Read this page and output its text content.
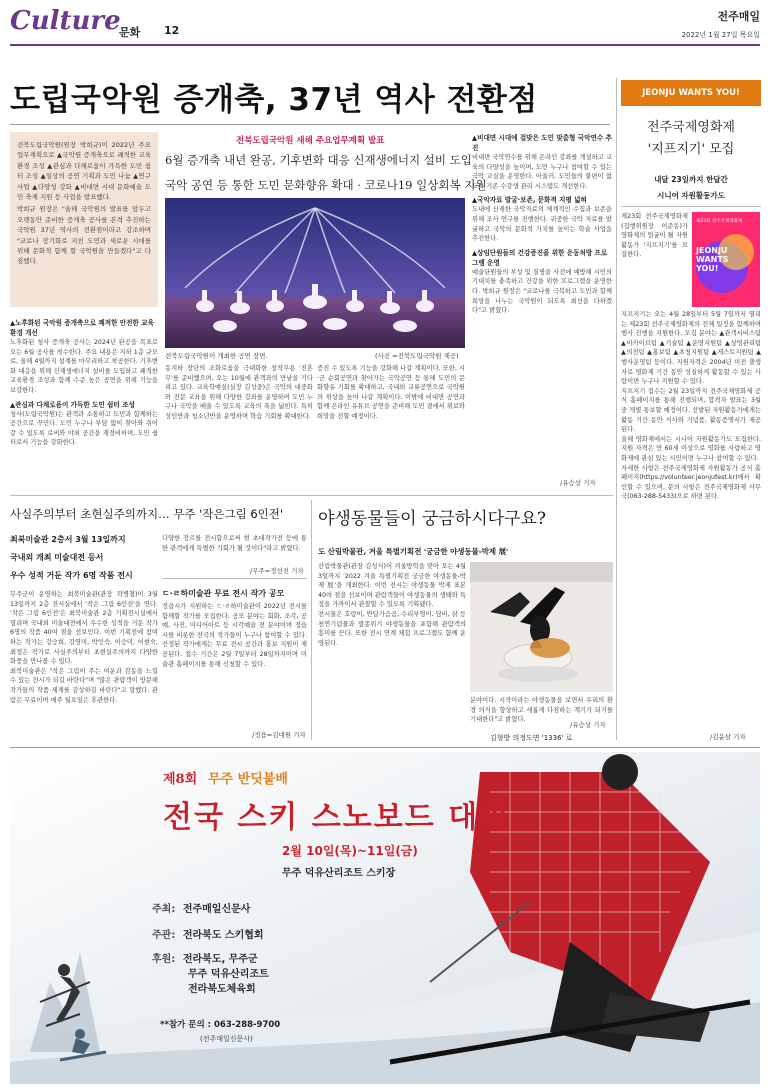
Culture
문화 12
전주매일
2022년 1월 27일 목요일
도립국악원 증개축, 37년 역사 전환점

전북도립국악원(원장 박희규)이 2022년 주요업무계획으로 ▲국악원 증개축으로 쾌적한 교육환경 조성 ▲관심과 다채로움이 가득한 도민 쉼터 조성 ▲일상의 공연 기획과 도민 나눔 ▲연구 사업 ▲다양성 강화 ▲비대면 시대 문화예술 도민 축제 지원 등 사업을 발표했다.

박희규 원장은 "올해 국악원의 발표를 앞두고 오랫동안 준비한 증개축 공사를 본격 추진하는 국악원 37년 역사의 전환점이라고 강조하며 "코로나 장기화로 지친 도민과 새로운 시대를 위해 문화적 함께 할 국악원을 만들겠다"고 다짐했다.

▲노후화된 국악원 증개축으로 쾌적한 안전한 교육환경 개선

노후화된 청사 증개축 공사는 2024년 완공을 목표로 오는 6월 공사를 착수한다. 주요 내용은 지하 1층 규모로, 올해 4월까지 설계를 마무리하고 착공한다. 기후변화 대응을 위해 신재생에너지 설비를 도입하고 쾌적한 교육환경 조성과 함께 수준 높은 공연을 위해 기능을 보강한다.

▲관심과 다채로움이 가득한 도민 쉼터 조성

청사(도립국악원)는 관객과 소통하고 도민과 함께하는 공간으로 꾸민다. 도민 누구나 부담 없이 찾아와 쉬어갈 수 있도록 로비와 야외 공간을 재정비하며, 도민 쉼터로서 기능을 강화한다.

전북도립국악원 새해 주요업무계획 발표
6월 증개축 내년 완공, 기후변화 대응 신재생에너지 설비 도입
국악 공연 등 통한 도민 문화향유 확대 · 코로나19 일상회복 지원
전북도립국악원이 개최한 공연 장면.	(사진 =전북도립국악원 제공)

동지하 장단의 조화로움을 극대화한 창작무용 '진혼무'를 준비했으며, 오는 10월에 관객과의 만남을 기다리고 있다. 교육학예실(실장 김성중)은 국악의 대중화와 전문 교육을 위해 다양한 강좌를 운영하며 도민 누구나 국악을 배울 수 있도록 교육의 폭을 넓힌다. 특히 성인반과 청소년반을 운영하며 학습 기회를 확대한다.

증진 수 있도록 기능을 강화해 나갈 계획이다. 또한, 시·군 순회공연과 찾아가는 국악공연 등 통해 도민의 문화향유 기회를 확대하고, 국내외 교류공연으로 국악원의 위상을 높여 나갈 계획이다. 이밖에 비대면 공연과 함께 온라인 유튜브 공연을 준비해 도민 곁에서 위로와 희망을 전할 예정이다.

▲비대면 시대에 걸맞은 도민 맞춤형 국악연수 추진

비대면 국악연수를 위해 온라인 강좌를 개설하고 교육의 다양성을 높이며, 도민 누구나 참여할 수 있는 국악 교실을 운영한다. 아울러, 도민들의 불편이 없도록 기존 수강생 관리 시스템도 개선한다.

▲국악자료 발굴·보존, 문화적 지평 넓혀

도내에 산재한 국악자료의 체계적인 수집과 보존을 위해 조사 연구를 진행한다. 귀중한 국악 자료를 발굴하고 국악의 문화적 가치를 높이는 학술 사업을 추진한다.

▲상임단원들의 건강증진을 위한 운동처방 프로그램 운영

예술단원들의 부상 및 질병을 사전에 예방해 시민의 기대치를 충족하고 건강을 위한 프로그램을 운영한다. 박희규 원장은 "코로나를 극복하고 도민과 함께 희망을 나누는 국악원이 되도록 최선을 다하겠다"고 밝혔다.

/유승상 기자
JEONJU WANTS YOU!
전주국제영화제
'지프지기' 모집
내달 23일까지 한달간
시니어 자원활동가도
JEONJU WANTS YOU!
제23회 전주국제영화제

제23회 전주국제영화제(집행위원장 이준동)가 영화제의 얼굴이 될 자원활동가 '지프지기'를 모집한다.

지프지기는 오는 4월 28일부터 5월 7일까지 열리는 제23회 전주국제영화제의 전체 일정을 함께하며 행사 진행을 지원한다. 모집 분야는 ▲관객서비스팀 ▲아카이브팀 ▲기술팀 ▲운영지원팀 ▲상영관리팀 ▲의전팀 ▲홍보팀 ▲초청지원팀 ▲게스트지원팀 ▲행사운영팀 등이다. 지원자격은 2004년 이전 출생자로 영화제 기간 동안 성실하게 활동할 수 있는 사람이면 누구나 지원할 수 있다.

지프지기 접수는 2월 23일까지 전주국제영화제 공식 홈페이지를 통해 진행되며, 합격자 발표는 3월 중 개별 통보할 예정이다. 선발된 자원활동가에게는 활동 기간 동안 식사와 기념품, 활동증명서가 제공된다.

올해 영화제에서는 시니어 자원활동가도 모집한다. 지원 자격은 만 60세 이상으로 영화를 사랑하고 영화제에 관심 있는 시민이면 누구나 참여할 수 있다.

자세한 사항은 전주국제영화제 자원활동가 공식 홈페이지(https://volunteer.jeonjufest.kr)에서 확인할 수 있으며, 문의 사항은 전주국제영화제 사무국(063-288-5433)으로 하면 된다.

/김윤삼 기자
사실주의부터 초현실주의까지… 무주 '작은그림 6인전'
최북미술관 2층서 3월 13일까지
국내외 개최 미술대전 등서
우수 성적 거둔 작가 6명 작품 전시

무주군이 운영하는 최북미술관(관장 곽병철)이 3월 13일까지 2층 전시실에서 '작은 그림 6인전'을 연다. '작은 그림 6인전'은 최북미술관 2층 기획전시실에서 열리며 국내외 미술대전에서 우수한 성적을 거둔 작가 6명의 작품 40여 점을 선보인다. 이번 기획전에 참여하는 작가는 강승희, 김영미, 박인숙, 이승미, 이현숙, 최정은 작가로 사실주의부터 초현실주의까지 다양한 화풍을 만나볼 수 있다.

최북미술관은 "작은 그림이 주는 여운과 감동을 느낄 수 있는 전시가 되길 바란다"며 "많은 관람객이 방문해 작가들의 작품 세계를 감상하길 바란다"고 말했다. 관람은 무료이며 매주 월요일은 휴관한다.

다양한 장르를 전시함으로써 현 초대작가전 등에 통한 관객에게 특별한 기회가 될 것이다"라고 밝혔다.

/무주=정선진 기자
ㄷ·ㄹ하미술관 무료 전시 작가 공모

정읍시가 지원하는 ㄷ·ㄹ하미술관이 2022년 전시를 함께할 작가를 모집한다. 공모 분야는 회화, 조각, 공예, 사진, 미디어아트 등 시각예술 전 분야이며 정읍시를 비롯한 전국의 작가들이 누구나 참여할 수 있다. 선정된 작가에게는 무료 전시 공간과 홍보 지원이 제공된다. 접수 기간은 2월 7일부터 28일까지이며 미술관 홈페이지를 통해 신청할 수 있다.

/정읍=김대원 기자
야생동물들이 궁금하시다구요?
도 산림박물관, 겨울 특별기획전 '궁금한 야생동물-박제 展'

산림박물관(관장 김성식)이 겨울방학을 맞아 오는 4월 3일까지 '2022 겨울 특별기획전 궁금한 야생동물-박제 展'을 개최한다. 이번 전시는 야생동물 박제 표본 40여 점을 선보이며 관람객들이 야생동물의 생태와 특징을 가까이서 관찰할 수 있도록 기획됐다.

전시물은 호랑이, 반달가슴곰, 수리부엉이, 담비, 삵 등 천연기념물과 멸종위기 야생동물을 포함해 관람객의 흥미를 끈다. 또한 전시 연계 체험 프로그램도 함께 운영된다.

김형방 의정도면 '1336' 로

분야이다. 시작이라는 야생동물을 보면서 우리의 환경 의식을 향상하고 새롭게 다짐하는 계기가 되기를 기대한다"고 밝혔다.

/유승상 기자
제8회 무주 반딧불배
전국 스키 스노보드 대회
2월 10일(목)~11일(금)
무주 덕유산리조트 스키장
주최: 전주매일신문사
주관: 전라북도 스키협회
후원: 전라북도, 무주군
무주 덕유산리조트
전라북도체육회
**참가 문의 : 063-288-9700
(전주매일신문사)
